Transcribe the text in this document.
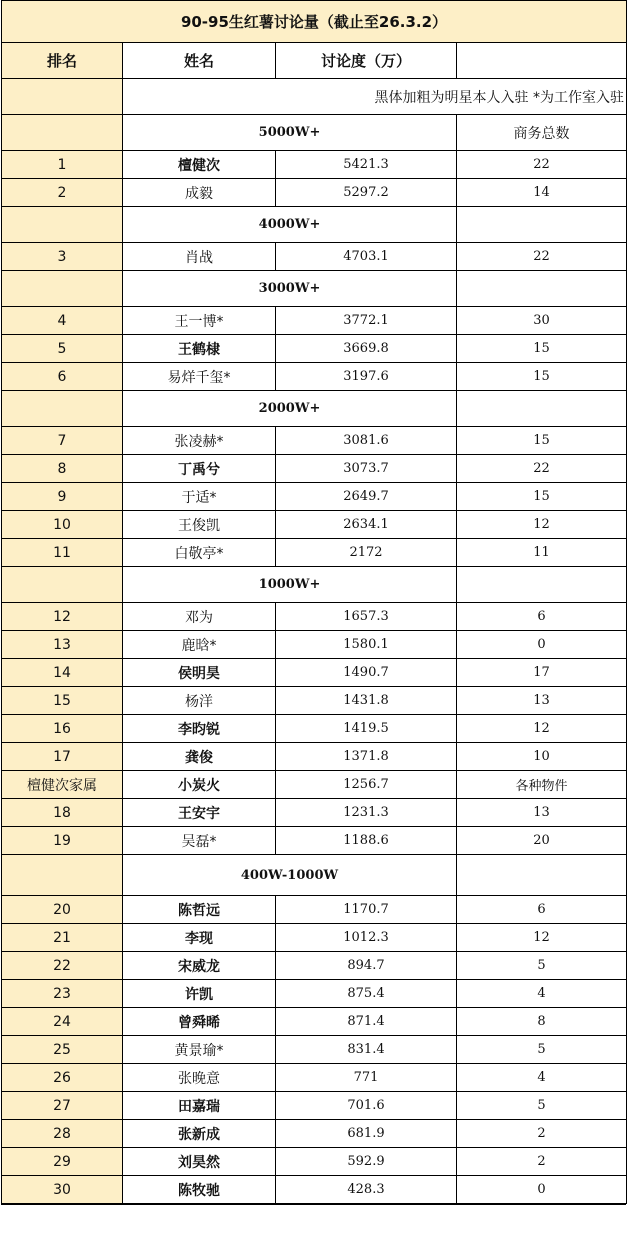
90-95生红薯讨论量（截止至26.3.2）			
排名	姓名	讨论度（万）	
	黑体加粗为明星本人入驻 *为工作室入驻		
	5000W+		商务总数
1	檀健次	5421.3	22
2	成毅	5297.2	14
	4000W+		
3	肖战	4703.1	22
	3000W+		
4	王一博*	3772.1	30
5	王鹤棣	3669.8	15
6	易烊千玺*	3197.6	15
	2000W+		
7	张凌赫*	3081.6	15
8	丁禹兮	3073.7	22
9	于适*	2649.7	15
10	王俊凯	2634.1	12
11	白敬亭*	2172	11
	1000W+		
12	邓为	1657.3	6
13	鹿晗*	1580.1	0
14	侯明昊	1490.7	17
15	杨洋	1431.8	13
16	李昀锐	1419.5	12
17	龚俊	1371.8	10
檀健次家属	小炭火	1256.7	各种物件
18	王安宇	1231.3	13
19	吴磊*	1188.6	20
	400W-1000W		
20	陈哲远	1170.7	6
21	李现	1012.3	12
22	宋威龙	894.7	5
23	许凯	875.4	4
24	曾舜晞	871.4	8
25	黄景瑜*	831.4	5
26	张晚意	771	4
27	田嘉瑞	701.6	5
28	张新成	681.9	2
29	刘昊然	592.9	2
30	陈牧驰	428.3	0
